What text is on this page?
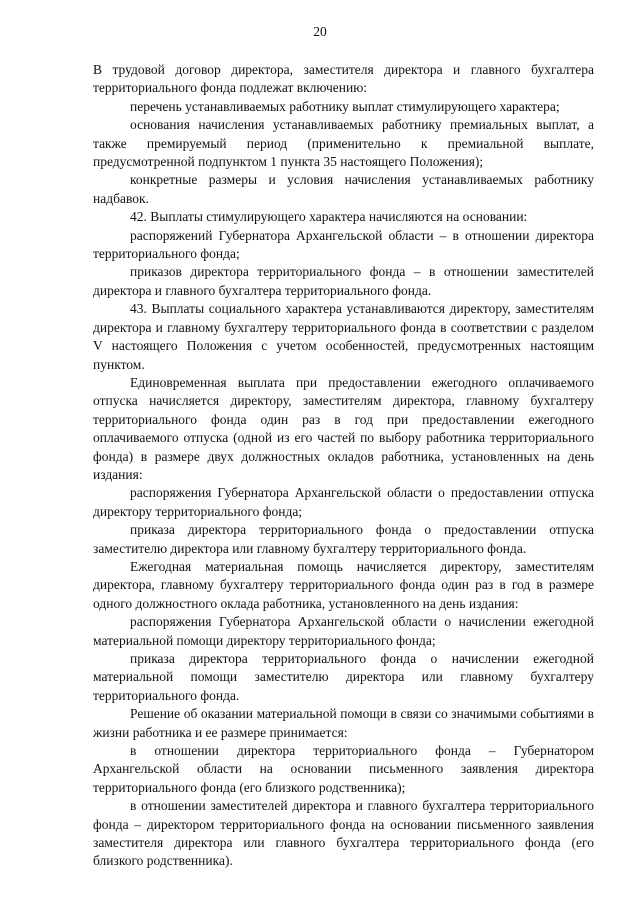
20

В трудовой договор директора, заместителя директора и главного бухгалтера территориального фонда подлежат включению:

перечень устанавливаемых работнику выплат стимулирующего характера;

основания начисления устанавливаемых работнику премиальных выплат, а также премируемый период (применительно к премиальной выплате, предусмотренной подпунктом 1 пункта 35 настоящего Положения);

конкретные размеры и условия начисления устанавливаемых работнику надбавок.

42. Выплаты стимулирующего характера начисляются на основании:

распоряжений Губернатора Архангельской области – в отношении директора территориального фонда;

приказов директора территориального фонда – в отношении заместителей директора и главного бухгалтера территориального фонда.

43. Выплаты социального характера устанавливаются директору, заместителям директора и главному бухгалтеру территориального фонда в соответствии с разделом V настоящего Положения с учетом особенностей, предусмотренных настоящим пунктом.

Единовременная выплата при предоставлении ежегодного оплачиваемого отпуска начисляется директору, заместителям директора, главному бухгалтеру территориального фонда один раз в год при предоставлении ежегодного оплачиваемого отпуска (одной из его частей по выбору работника территориального фонда) в размере двух должностных окладов работника, установленных на день издания:

распоряжения Губернатора Архангельской области о предоставлении отпуска директору территориального фонда;

приказа директора территориального фонда о предоставлении отпуска заместителю директора или главному бухгалтеру территориального фонда.

Ежегодная материальная помощь начисляется директору, заместителям директора, главному бухгалтеру территориального фонда один раз в год в размере одного должностного оклада работника, установленного на день издания:

распоряжения Губернатора Архангельской области о начислении ежегодной материальной помощи директору территориального фонда;

приказа директора территориального фонда о начислении ежегодной материальной помощи заместителю директора или главному бухгалтеру территориального фонда.

Решение об оказании материальной помощи в связи со значимыми событиями в жизни работника и ее размере принимается:

в отношении директора территориального фонда – Губернатором Архангельской области на основании письменного заявления директора территориального фонда (его близкого родственника);

в отношении заместителей директора и главного бухгалтера территориального фонда – директором территориального фонда на основании письменного заявления заместителя директора или главного бухгалтера территориального фонда (его близкого родственника).
